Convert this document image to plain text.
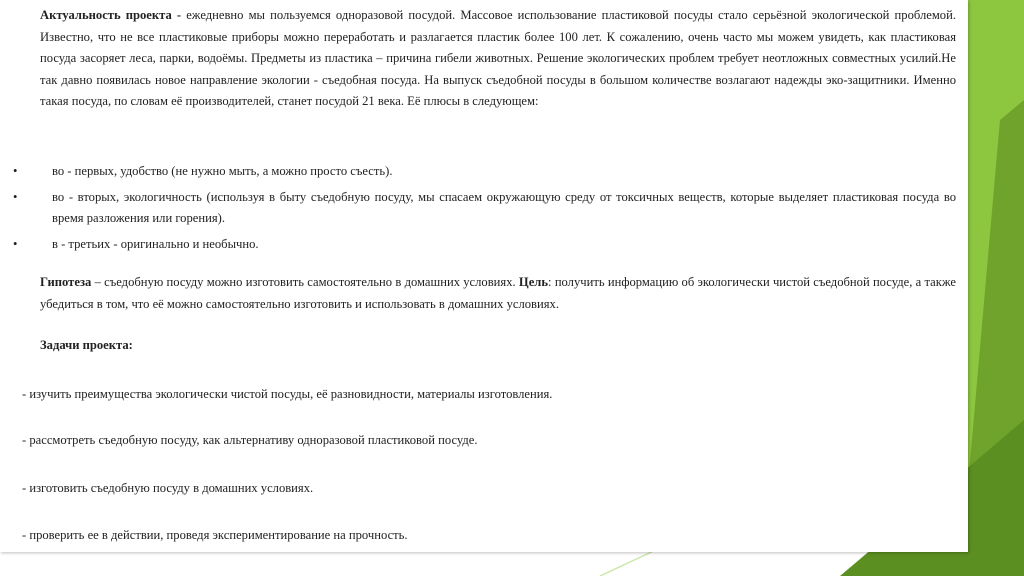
Актуальность проекта - ежедневно мы пользуемся одноразовой посудой. Массовое использование пластиковой посуды стало серьёзной экологической проблемой. Известно, что не все пластиковые приборы можно переработать и разлагается пластик более 100 лет. К сожалению, очень часто мы можем увидеть, как пластиковая посуда засоряет леса, парки, водоёмы. Предметы из пластика – причина гибели животных. Решение экологических проблем требует неотложных совместных усилий.Не так давно появилась новое направление экологии - съедобная посуда. На выпуск съедобной посуды в большом количестве возлагают надежды эко-защитники. Именно такая посуда, по словам её производителей, станет посудой 21 века. Её плюсы в следующем:

•	во - первых, удобство (не нужно мыть, а можно просто съесть).
•	во - вторых, экологичность (используя в быту съедобную посуду, мы спасаем окружающую среду от токсичных веществ, которые выделяет пластиковая посуда во время разложения или горения).
•	в - третьих - оригинально и необычно.

Гипотеза – съедобную посуду можно изготовить самостоятельно в домашних условиях. Цель: получить информацию об экологически чистой съедобной посуде, а также убедиться в том, что её можно самостоятельно изготовить и использовать в домашних условиях.

Задачи проекта:
- изучить преимущества экологически чистой посуды, её разновидности, материалы изготовления.
- рассмотреть съедобную посуду, как альтернативу одноразовой пластиковой посуде.
- изготовить съедобную посуду в домашних условиях.
- проверить ее в действии, проведя экспериментирование на прочность.
